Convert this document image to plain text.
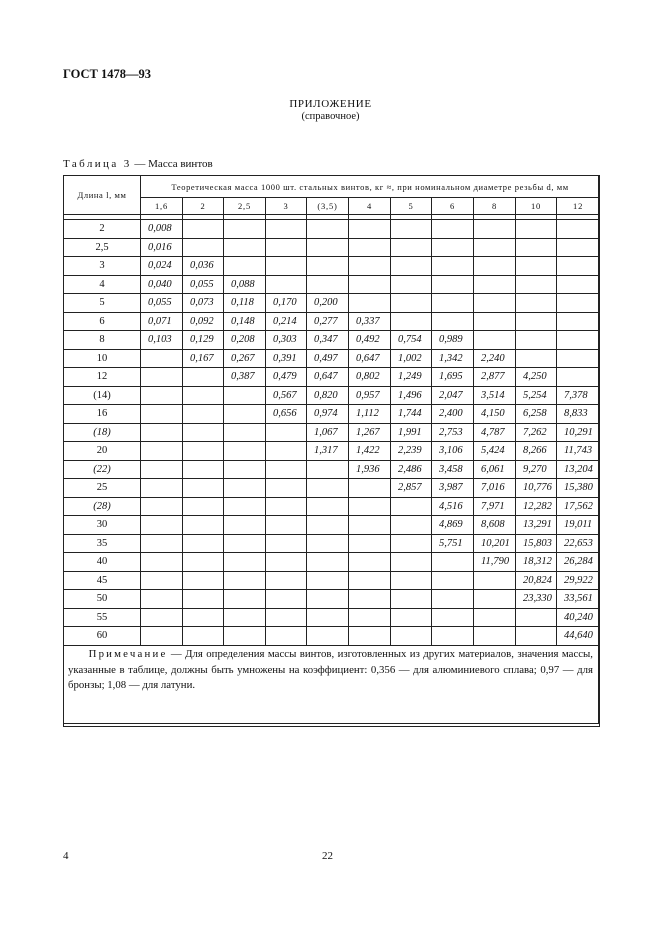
ГОСТ 1478—93
ПРИЛОЖЕНИЕ
(справочное)
Таблица 3 — Масса винтов
Длина l, мм	Теоретическая масса 1000 шт. стальных винтов, кг ≈, при номинальном диаметре резьбы d, мм										
	1,6	2	2,5	3	(3,5)	4	5	6	8	10	12

2	0,008										
2,5	0,016										
3	0,024	0,036									
4	0,040	0,055	0,088								
5	0,055	0,073	0,118	0,170	0,200						
6	0,071	0,092	0,148	0,214	0,277	0,337					
8	0,103	0,129	0,208	0,303	0,347	0,492	0,754	0,989			
10		0,167	0,267	0,391	0,497	0,647	1,002	1,342	2,240		
12			0,387	0,479	0,647	0,802	1,249	1,695	2,877	4,250	
(14)				0,567	0,820	0,957	1,496	2,047	3,514	5,254	7,378
16				0,656	0,974	1,112	1,744	2,400	4,150	6,258	8,833
(18)					1,067	1,267	1,991	2,753	4,787	7,262	10,291
20					1,317	1,422	2,239	3,106	5,424	8,266	11,743
(22)						1,936	2,486	3,458	6,061	9,270	13,204
25							2,857	3,987	7,016	10,776	15,380
(28)								4,516	7,971	12,282	17,562
30								4,869	8,608	13,291	19,011
35								5,751	10,201	15,803	22,653
40									11,790	18,312	26,284
45										20,824	29,922
50										23,330	33,561
55											40,240
60											44,640

Примечание — Для определения массы винтов, изготовленных из других материалов, значения массы, указанные в таблице, должны быть умножены на коэффициент: 0,356 — для алюминиевого сплава; 0,97 — для бронзы; 1,08 — для латуни.
4	22
